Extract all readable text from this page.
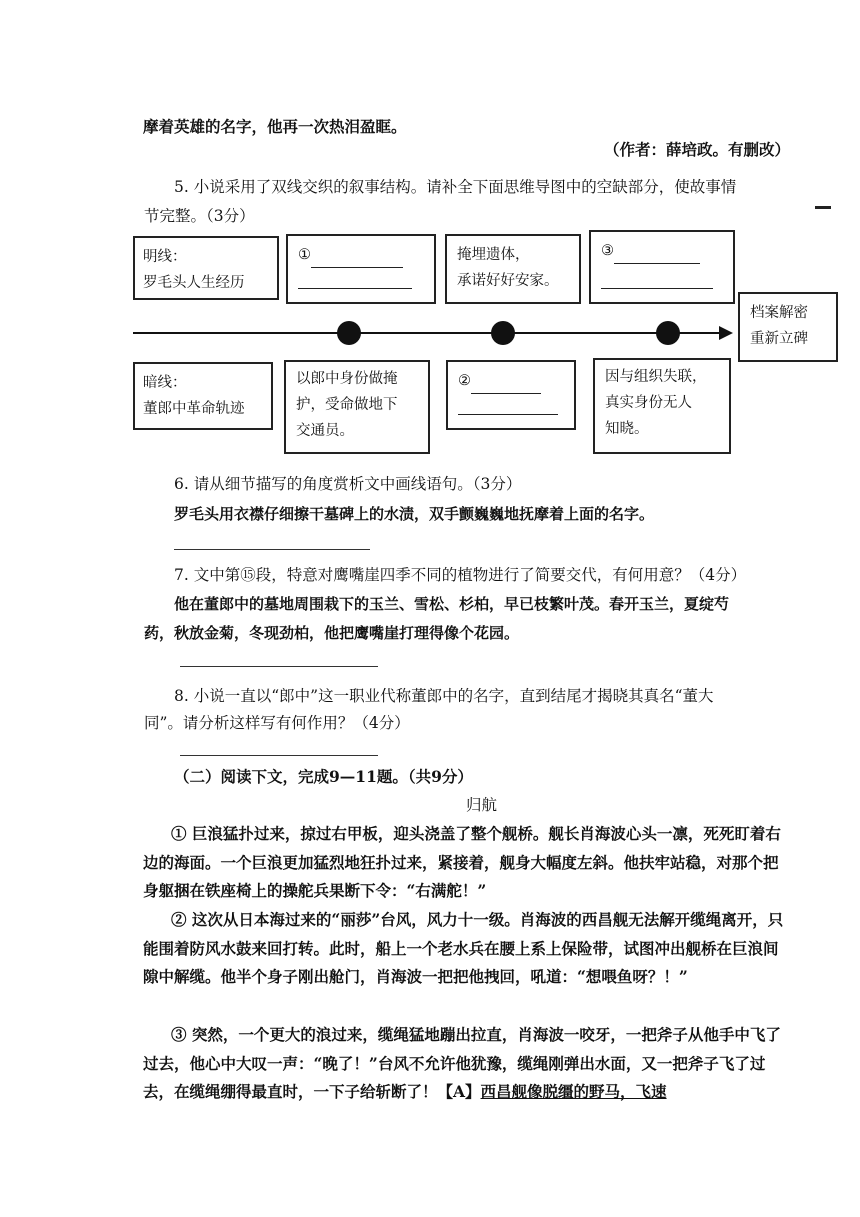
摩着英雄的名字，他再一次热泪盈眶。
（作者：薛培政。有删改）
5. 小说采用了双线交织的叙事结构。请补全下面思维导图中的空缺部分，使故事情
节完整。（3分）
明线：
罗毛头人生经历
①	掩埋遗体，
承诺好好安家。
③
档案解密
重新立碑
暗线：
董郎中革命轨迹
以郎中身份做掩
护，受命做地下
交通员。
②	因与组织失联，
真实身份无人
知晓。
6. 请从细节描写的角度赏析文中画线语句。（3分）
罗毛头用衣襟仔细擦干墓碑上的水渍，双手颤巍巍地抚摩着上面的名字。
7. 文中第⑮段，特意对鹰嘴崖四季不同的植物进行了简要交代，有何用意？（4分）
他在董郎中的墓地周围栽下的玉兰、雪松、杉柏，早已枝繁叶茂。春开玉兰，夏绽芍
药，秋放金菊，冬现劲柏，他把鹰嘴崖打理得像个花园。
8. 小说一直以“郎中”这一职业代称董郎中的名字，直到结尾才揭晓其真名“董大
同”。请分析这样写有何作用？（4分）
（二）阅读下文，完成9—11题。（共9分）
归航
① 巨浪猛扑过来，掠过右甲板，迎头浇盖了整个舰桥。舰长肖海波心头一凛，死死盯着右边的海面。一个巨浪更加猛烈地狂扑过来，紧接着，舰身大幅度左斜。他扶牢站稳，对那个把身躯捆在铁座椅上的操舵兵果断下令：“右满舵！”
② 这次从日本海过来的“丽莎”台风，风力十一级。肖海波的西昌舰无法解开缆绳离开，只能围着防风水鼓来回打转。此时，船上一个老水兵在腰上系上保险带，试图冲出舰桥在巨浪间隙中解缆。他半个身子刚出舱门，肖海波一把把他拽回，吼道：“想喂鱼呀？！”
③ 突然，一个更大的浪过来，缆绳猛地蹦出拉直，肖海波一咬牙，一把斧子从他手中飞了过去，他心中大叹一声：“晚了！”台风不允许他犹豫，缆绳刚弹出水面，又一把斧子飞了过去，在缆绳绷得最直时，一下子给斩断了！【A】西昌舰像脱缰的野马，飞速
